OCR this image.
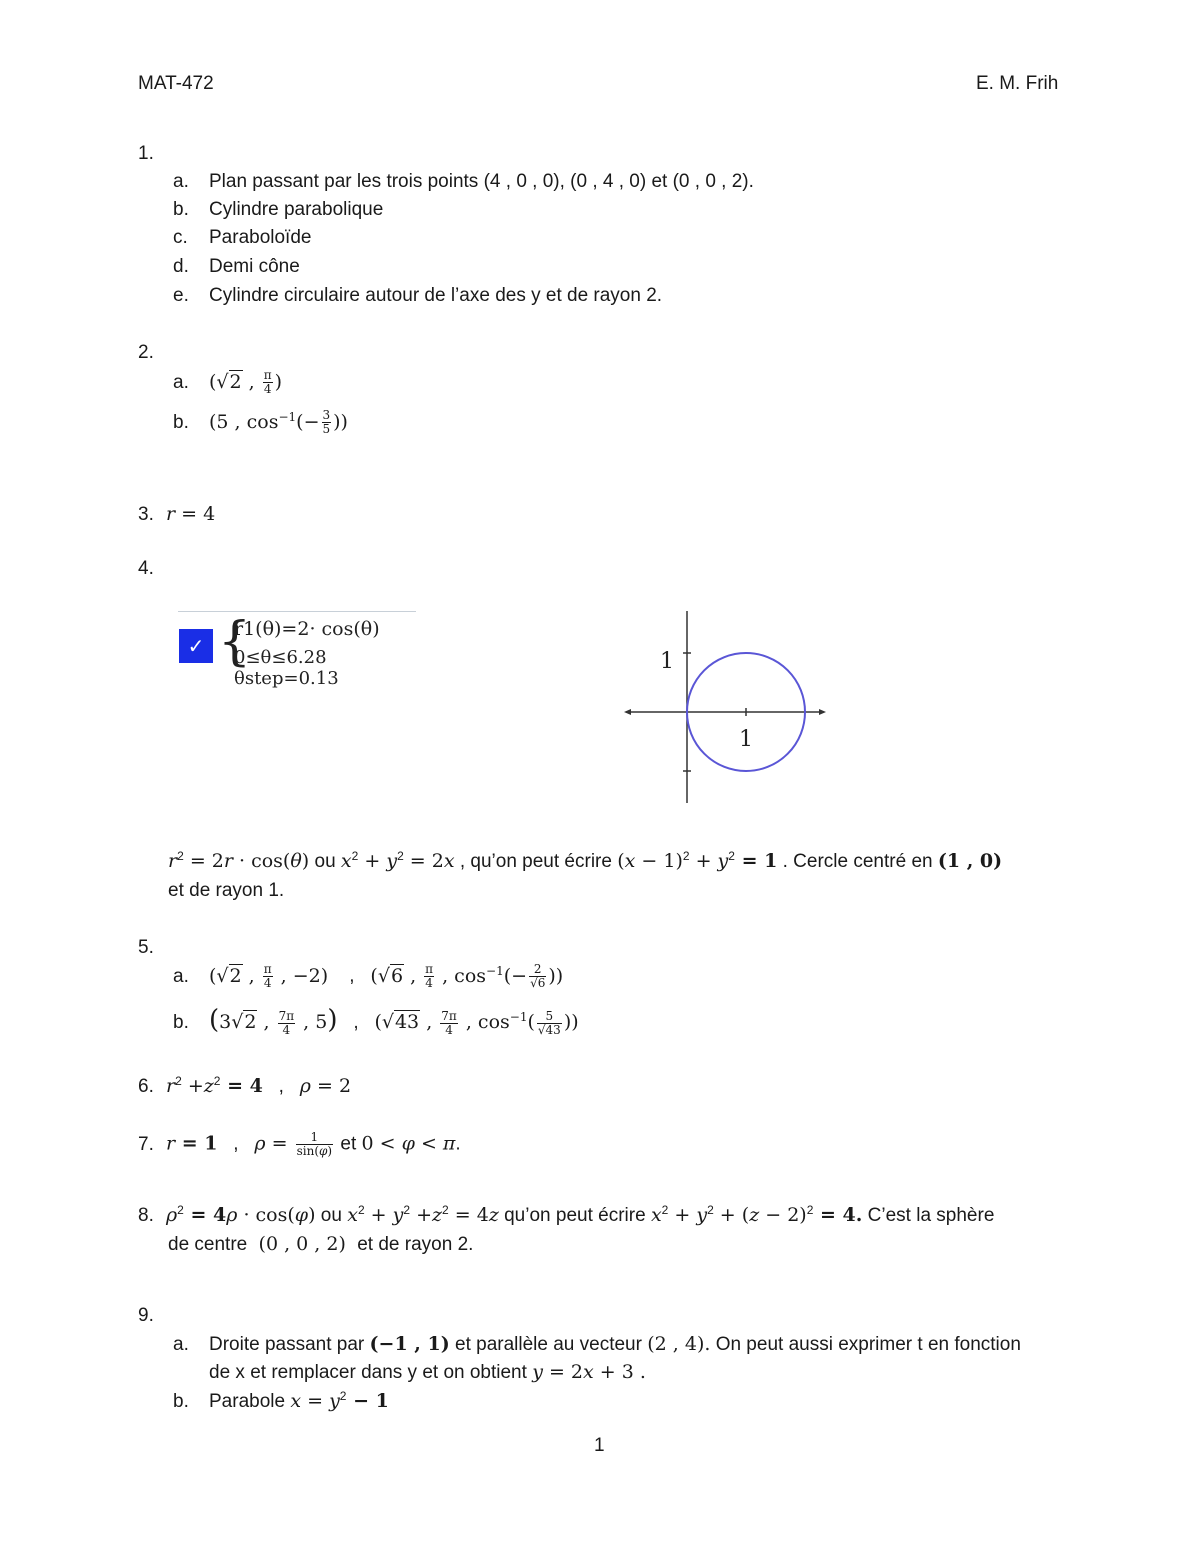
MAT-472	E. M. Frih
1.
a. Plan passant par les trois points (4 , 0 , 0), (0 , 4 , 0) et (0 , 0 , 2).
b. Cylindre parabolique
c. Paraboloïde
d. Demi cône
e. Cylindre circulaire autour de l’axe des y et de rayon 2.
2.
a. (√2 , $\frac{\pi}{4}$ )
b. (5 , $\cos^{-1}(- \frac{3}{5}$ ))
3. r = 4
4.
✓ {
r1(θ)=2· cos(θ)
0≤θ≤6.28 θstep=0.13
1
1
$r^2 = 2r \cdot \cos(\theta)$ ou $x^2 + y^2 = 2x$ , qu’on peut écrire $(x - 1)^2 + y^2 = 1$ . Cercle centré en (1 , 0)
et de rayon 1.
5.
a. (√2 , $\frac{\pi}{4}$ , −2)    ,   (√6 , $\frac{\pi}{4}$ , $\cos^{-1}(- \frac{2}{√6}$ ))
b. (3√2 , $\frac{7\pi}{4}$ , 5)   ,   (√43 , $\frac{7\pi}{4}$ , $\cos^{-1}( \frac{5}{√43}$ ))
6. $r^2 +z^2 = 4$   ,   ρ = 2
7. r = 1   ,   $\rho = \frac{1}{\sin(\varphi)}$ et 0 < φ < π.
8. $\rho^2 = 4\rho \cdot \cos(\varphi)$ ou $x^2 + y^2 +z^2 = 4z$ qu’on peut écrire $x^2 + y^2 + (z - 2)^2 = 4$. C’est la sphère
de centre  (0 , 0 , 2)  et de rayon 2.
9.
a. Droite passant par (−1 , 1) et parallèle au vecteur (2 , 4). On peut aussi exprimer t en fonction
de x et remplacer dans y et on obtient y = 2x + 3 .
b. Parabole $x = y^2 - 1$
1
